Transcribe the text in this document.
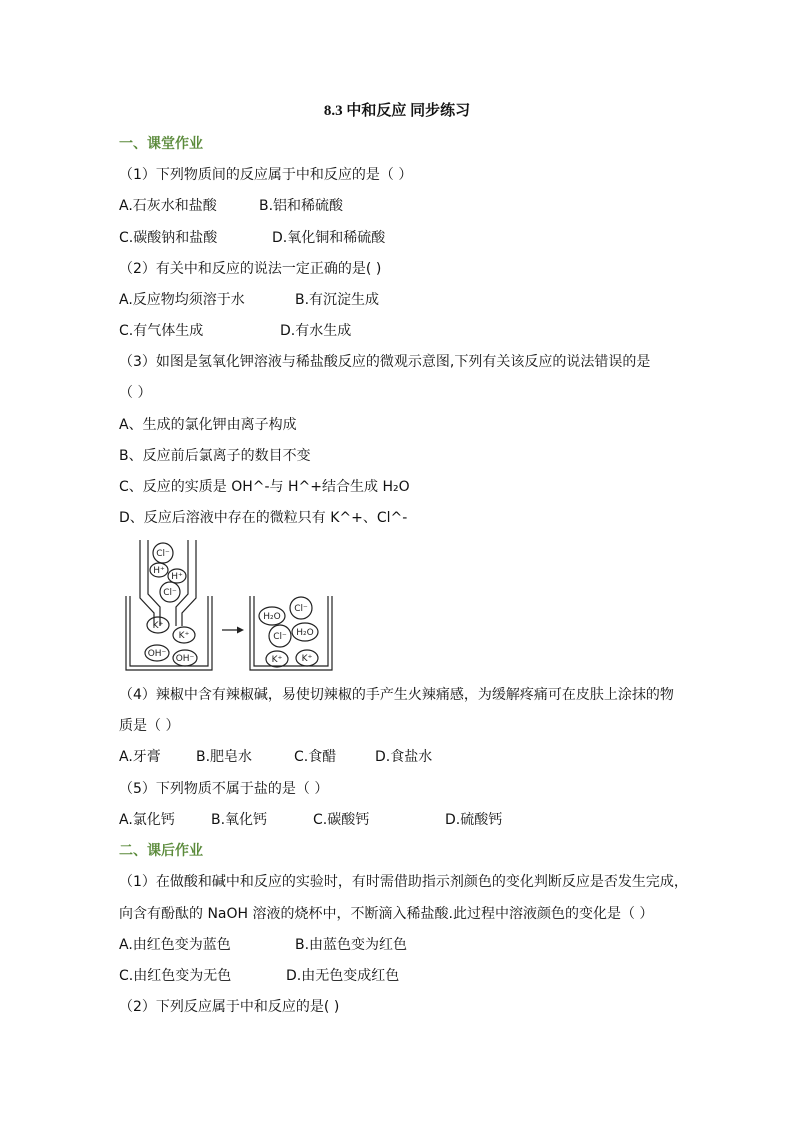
8.3 中和反应 同步练习
一、课堂作业
（1）下列物质间的反应属于中和反应的是（ ）
A.石灰水和盐酸	B.铝和稀硫酸
C.碳酸钠和盐酸	D.氧化铜和稀硫酸
（2）有关中和反应的说法一定正确的是( )
A.反应物均须溶于水	B.有沉淀生成
C.有气体生成	D.有水生成
（3）如图是氢氧化钾溶液与稀盐酸反应的微观示意图,下列有关该反应的说法错误的是
（ ）
A、生成的氯化钾由离子构成
B、反应前后氯离子的数目不变
C、反应的实质是 OH^-与 H^+结合生成 H₂O
D、反应后溶液中存在的微粒只有 K^+、Cl^-
Cl⁻
H⁺
H⁺
Cl⁻
K⁺
K⁺
OH⁻ OH⁻
Cl⁻
H₂O
H₂O
Cl⁻
K⁺ K⁺
（4）辣椒中含有辣椒碱，易使切辣椒的手产生火辣痛感，为缓解疼痛可在皮肤上涂抹的物
质是（ ）
A.牙膏	B.肥皂水	C.食醋	D.食盐水
（5）下列物质不属于盐的是（ ）
A.氯化钙	B.氧化钙	C.碳酸钙	D.硫酸钙
二、课后作业
（1）在做酸和碱中和反应的实验时，有时需借助指示剂颜色的变化判断反应是否发生完成，
向含有酚酞的 NaOH 溶液的烧杯中，不断滴入稀盐酸.此过程中溶液颜色的变化是（ ）
A.由红色变为蓝色	B.由蓝色变为红色
C.由红色变为无色	D.由无色变成红色
（2）下列反应属于中和反应的是( )
